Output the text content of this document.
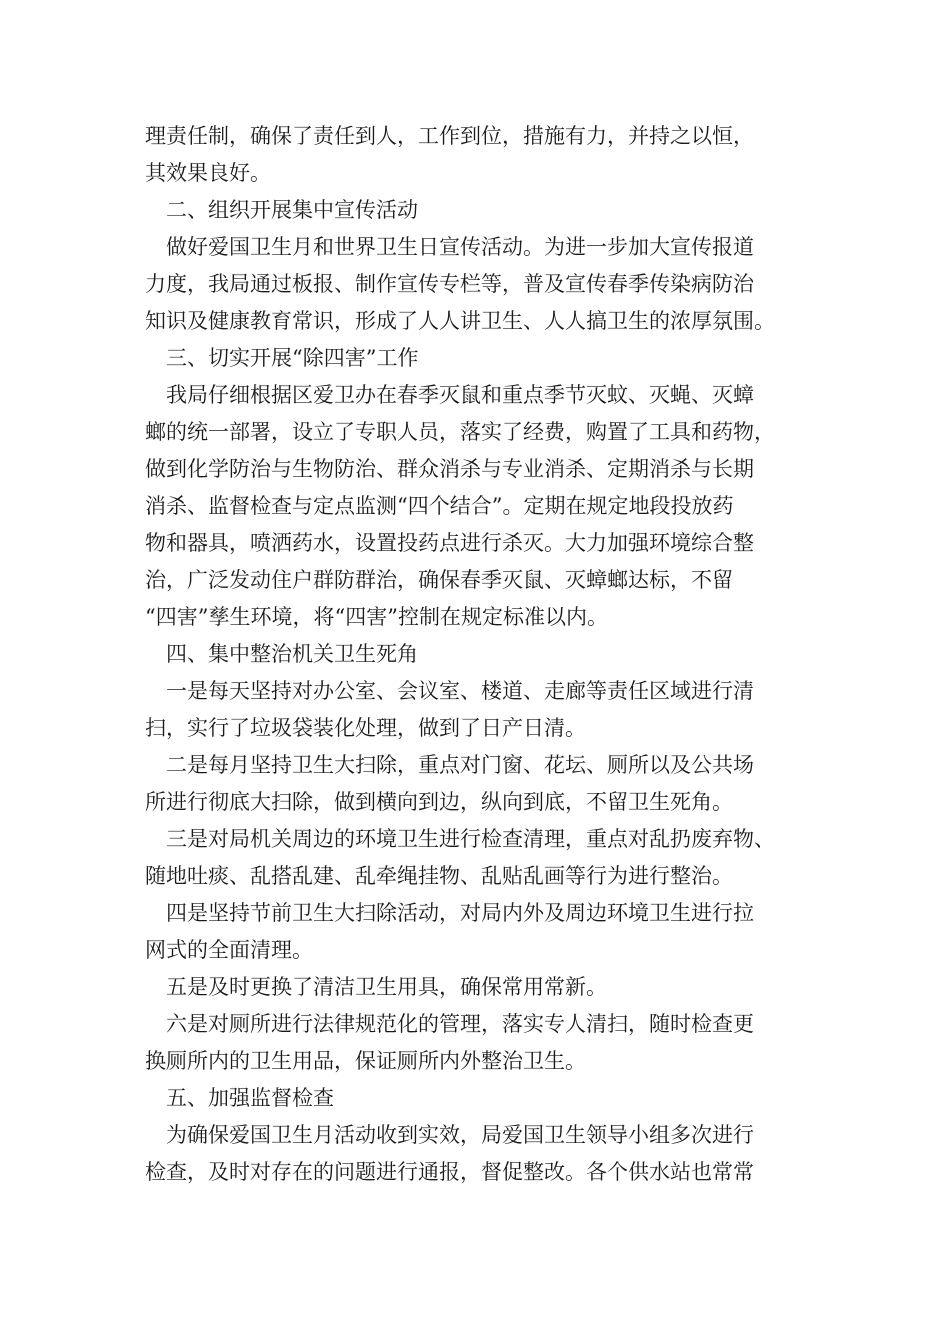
理责任制，确保了责任到人，工作到位，措施有力，并持之以恒，
其效果良好。
二、组织开展集中宣传活动
做好爱国卫生月和世界卫生日宣传活动。为进一步加大宣传报道
力度，我局通过板报、制作宣传专栏等，普及宣传春季传染病防治
知识及健康教育常识，形成了人人讲卫生、人人搞卫生的浓厚氛围。
三、切实开展“除四害”工作
我局仔细根据区爱卫办在春季灭鼠和重点季节灭蚊、灭蝇、灭蟑
螂的统一部署，设立了专职人员，落实了经费，购置了工具和药物，
做到化学防治与生物防治、群众消杀与专业消杀、定期消杀与长期
消杀、监督检查与定点监测“四个结合”。定期在规定地段投放药
物和器具，喷洒药水，设置投药点进行杀灭。大力加强环境综合整
治，广泛发动住户群防群治，确保春季灭鼠、灭蟑螂达标，不留
“四害”孳生环境，将“四害”控制在规定标准以内。
四、集中整治机关卫生死角
一是每天坚持对办公室、会议室、楼道、走廊等责任区域进行清
扫，实行了垃圾袋装化处理，做到了日产日清。
二是每月坚持卫生大扫除，重点对门窗、花坛、厕所以及公共场
所进行彻底大扫除，做到横向到边，纵向到底，不留卫生死角。
三是对局机关周边的环境卫生进行检查清理，重点对乱扔废弃物、
随地吐痰、乱搭乱建、乱牵绳挂物、乱贴乱画等行为进行整治。
四是坚持节前卫生大扫除活动，对局内外及周边环境卫生进行拉
网式的全面清理。
五是及时更换了清洁卫生用具，确保常用常新。
六是对厕所进行法律规范化的管理，落实专人清扫，随时检查更
换厕所内的卫生用品，保证厕所内外整治卫生。
五、加强监督检查
为确保爱国卫生月活动收到实效，局爱国卫生领导小组多次进行
检查，及时对存在的问题进行通报，督促整改。各个供水站也常常
